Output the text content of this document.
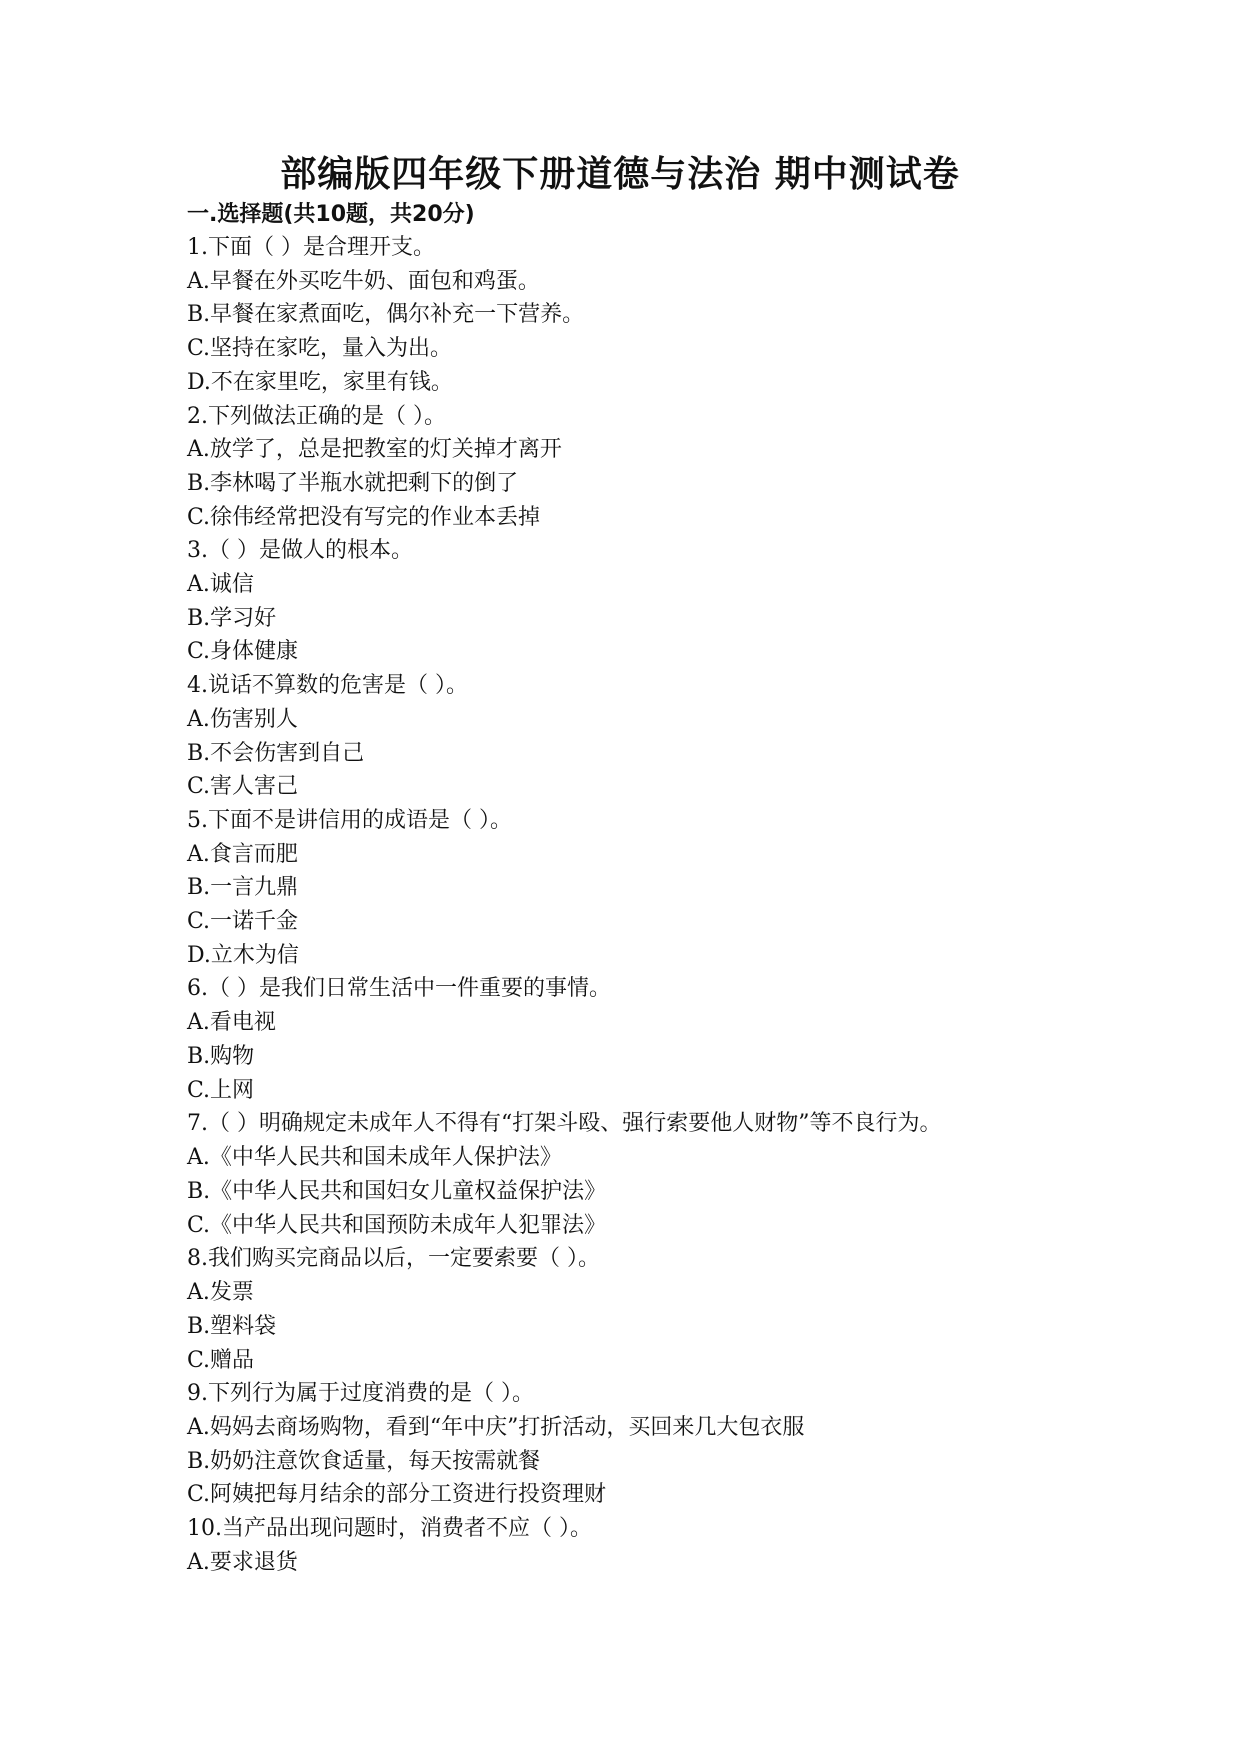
部编版四年级下册道德与法治 期中测试卷
一.选择题(共10题，共20分)
1.下面（ ）是合理开支。
A.早餐在外买吃牛奶、面包和鸡蛋。
B.早餐在家煮面吃，偶尔补充一下营养。
C.坚持在家吃，量入为出。
D.不在家里吃，家里有钱。
2.下列做法正确的是（ ）。
A.放学了，总是把教室的灯关掉才离开
B.李林喝了半瓶水就把剩下的倒了
C.徐伟经常把没有写完的作业本丢掉
3.（ ）是做人的根本。
A.诚信
B.学习好
C.身体健康
4.说话不算数的危害是（ ）。
A.伤害别人
B.不会伤害到自己
C.害人害己
5.下面不是讲信用的成语是（ ）。
A.食言而肥
B.一言九鼎
C.一诺千金
D.立木为信
6.（ ）是我们日常生活中一件重要的事情。
A.看电视
B.购物
C.上网
7.（ ）明确规定未成年人不得有“打架斗殴、强行索要他人财物”等不良行为。
A.《中华人民共和国未成年人保护法》
B.《中华人民共和国妇女儿童权益保护法》
C.《中华人民共和国预防未成年人犯罪法》
8.我们购买完商品以后，一定要索要（ ）。
A.发票
B.塑料袋
C.赠品
9.下列行为属于过度消费的是（ ）。
A.妈妈去商场购物，看到“年中庆”打折活动，买回来几大包衣服
B.奶奶注意饮食适量，每天按需就餐
C.阿姨把每月结余的部分工资进行投资理财
10.当产品出现问题时，消费者不应（ ）。
A.要求退货
